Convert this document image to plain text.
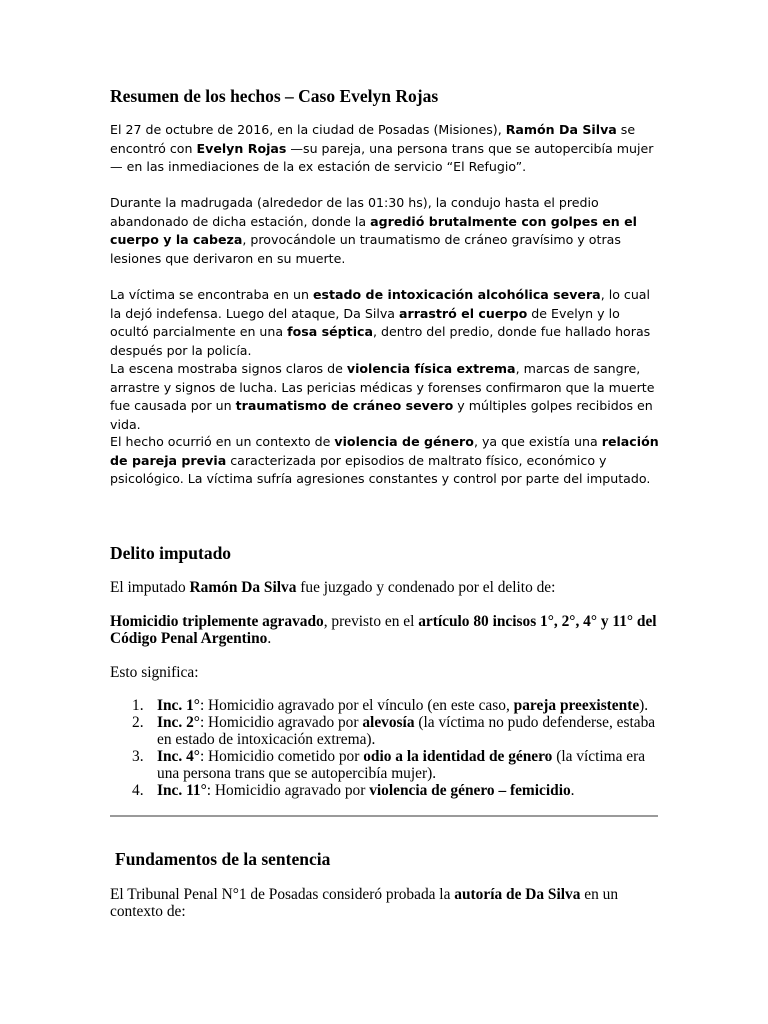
Resumen de los hechos – Caso Evelyn Rojas

El 27 de octubre de 2016, en la ciudad de Posadas (Misiones), Ramón Da Silva se encontró con Evelyn Rojas —su pareja, una persona trans que se autopercibía mujer— en las inmediaciones de la ex estación de servicio “El Refugio”.

Durante la madrugada (alrededor de las 01:30 hs), la condujo hasta el predio abandonado de dicha estación, donde la agredió brutalmente con golpes en el cuerpo y la cabeza, provocándole un traumatismo de cráneo gravísimo y otras lesiones que derivaron en su muerte.

La víctima se encontraba en un estado de intoxicación alcohólica severa, lo cual la dejó indefensa. Luego del ataque, Da Silva arrastró el cuerpo de Evelyn y lo ocultó parcialmente en una fosa séptica, dentro del predio, donde fue hallado horas después por la policía.

La escena mostraba signos claros de violencia física extrema, marcas de sangre, arrastre y signos de lucha. Las pericias médicas y forenses confirmaron que la muerte fue causada por un traumatismo de cráneo severo y múltiples golpes recibidos en vida.

El hecho ocurrió en un contexto de violencia de género, ya que existía una relación de pareja previa caracterizada por episodios de maltrato físico, económico y psicológico. La víctima sufría agresiones constantes y control por parte del imputado.

Delito imputado

El imputado Ramón Da Silva fue juzgado y condenado por el delito de:

Homicidio triplemente agravado, previsto en el artículo 80 incisos 1°, 2°, 4° y 11° del Código Penal Argentino.

Esto significa:

1. Inc. 1°: Homicidio agravado por el vínculo (en este caso, pareja preexistente).
2. Inc. 2°: Homicidio agravado por alevosía (la víctima no pudo defenderse, estaba en estado de intoxicación extrema).
3. Inc. 4°: Homicidio cometido por odio a la identidad de género (la víctima era una persona trans que se autopercibía mujer).
4. Inc. 11°: Homicidio agravado por violencia de género – femicidio.
Fundamentos de la sentencia

El Tribunal Penal N°1 de Posadas consideró probada la autoría de Da Silva en un contexto de:
